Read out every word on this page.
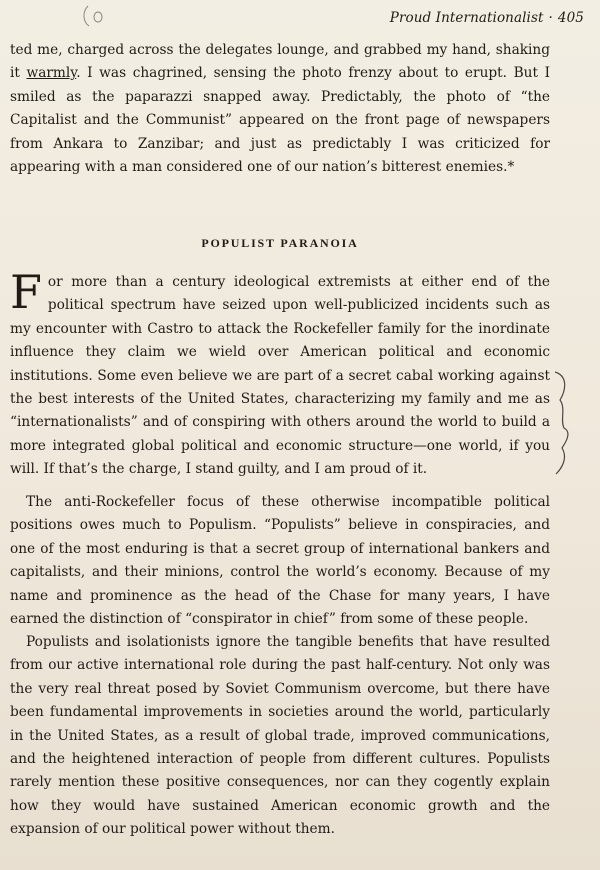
Proud Internationalist · 405

ted me, charged across the delegates lounge, and grabbed my hand, shaking it warmly. I was chagrined, sensing the photo frenzy about to erupt. But I smiled as the paparazzi snapped away. Predictably, the photo of “the Capitalist and the Communist” appeared on the front page of newspapers from Ankara to Zanzibar; and just as predictably I was criticized for appearing with a man considered one of our nation’s bitterest enemies.*

POPULIST PARANOIA

For more than a century ideological extremists at either end of the political spectrum have seized upon well-publicized incidents such as my encounter with Castro to attack the Rockefeller family for the inordinate influence they claim we wield over American political and economic institutions. Some even believe we are part of a secret cabal working against the best interests of the United States, characterizing my family and me as “internationalists” and of conspiring with others around the world to build a more integrated global political and economic structure—one world, if you will. If that’s the charge, I stand guilty, and I am proud of it.

The anti-Rockefeller focus of these otherwise incompatible political positions owes much to Populism. “Populists” believe in conspiracies, and one of the most enduring is that a secret group of international bankers and capitalists, and their minions, control the world’s economy. Because of my name and prominence as the head of the Chase for many years, I have earned the distinction of “conspirator in chief” from some of these people.

Populists and isolationists ignore the tangible benefits that have resulted from our active international role during the past half-century. Not only was the very real threat posed by Soviet Communism overcome, but there have been fundamental improvements in societies around the world, particularly in the United States, as a result of global trade, improved communications, and the heightened interaction of people from different cultures. Populists rarely mention these positive consequences, nor can they cogently explain how they would have sustained American economic growth and the expansion of our political power without them.
